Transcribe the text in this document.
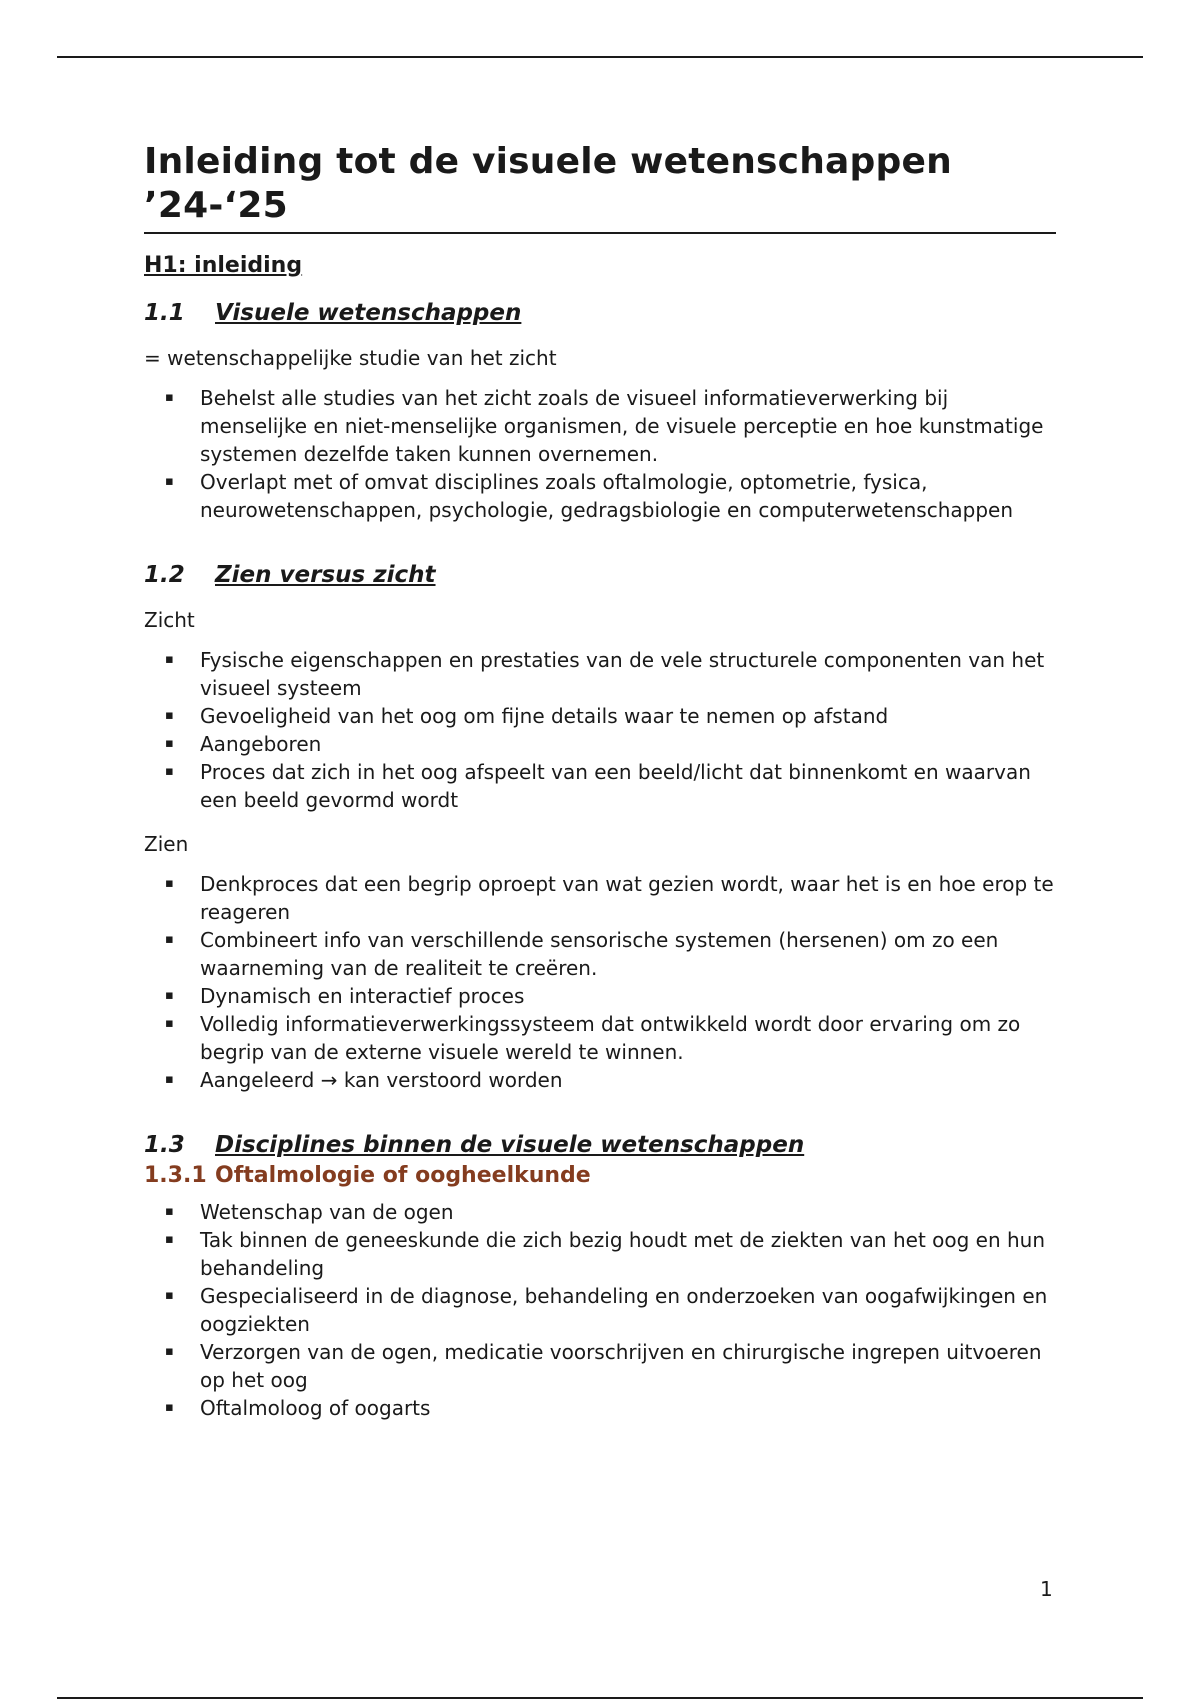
Inleiding tot de visuele wetenschappen
’24-‘25
H1: inleiding
1.1	Visuele wetenschappen

= wetenschappelijke studie van het zicht

▪ Behelst alle studies van het zicht zoals de visueel informatieverwerking bij menselijke en niet-menselijke organismen, de visuele perceptie en hoe kunstmatige systemen dezelfde taken kunnen overnemen.
▪ Overlapt met of omvat disciplines zoals oftalmologie, optometrie, fysica, neurowetenschappen, psychologie, gedragsbiologie en computerwetenschappen
1.2	Zien versus zicht

Zicht

▪ Fysische eigenschappen en prestaties van de vele structurele componenten van het visueel systeem
▪ Gevoeligheid van het oog om fijne details waar te nemen op afstand
▪ Aangeboren
▪ Proces dat zich in het oog afspeelt van een beeld/licht dat binnenkomt en waarvan een beeld gevormd wordt

Zien

▪ Denkproces dat een begrip oproept van wat gezien wordt, waar het is en hoe erop te reageren
▪ Combineert info van verschillende sensorische systemen (hersenen) om zo een waarneming van de realiteit te creëren.
▪ Dynamisch en interactief proces
▪ Volledig informatieverwerkingssysteem dat ontwikkeld wordt door ervaring om zo begrip van de externe visuele wereld te winnen.
▪ Aangeleerd → kan verstoord worden
1.3	Disciplines binnen de visuele wetenschappen
1.3.1 Oftalmologie of oogheelkunde
▪ Wetenschap van de ogen
▪ Tak binnen de geneeskunde die zich bezig houdt met de ziekten van het oog en hun behandeling
▪ Gespecialiseerd in de diagnose, behandeling en onderzoeken van oogafwijkingen en oogziekten
▪ Verzorgen van de ogen, medicatie voorschrijven en chirurgische ingrepen uitvoeren op het oog
▪ Oftalmoloog of oogarts
1
